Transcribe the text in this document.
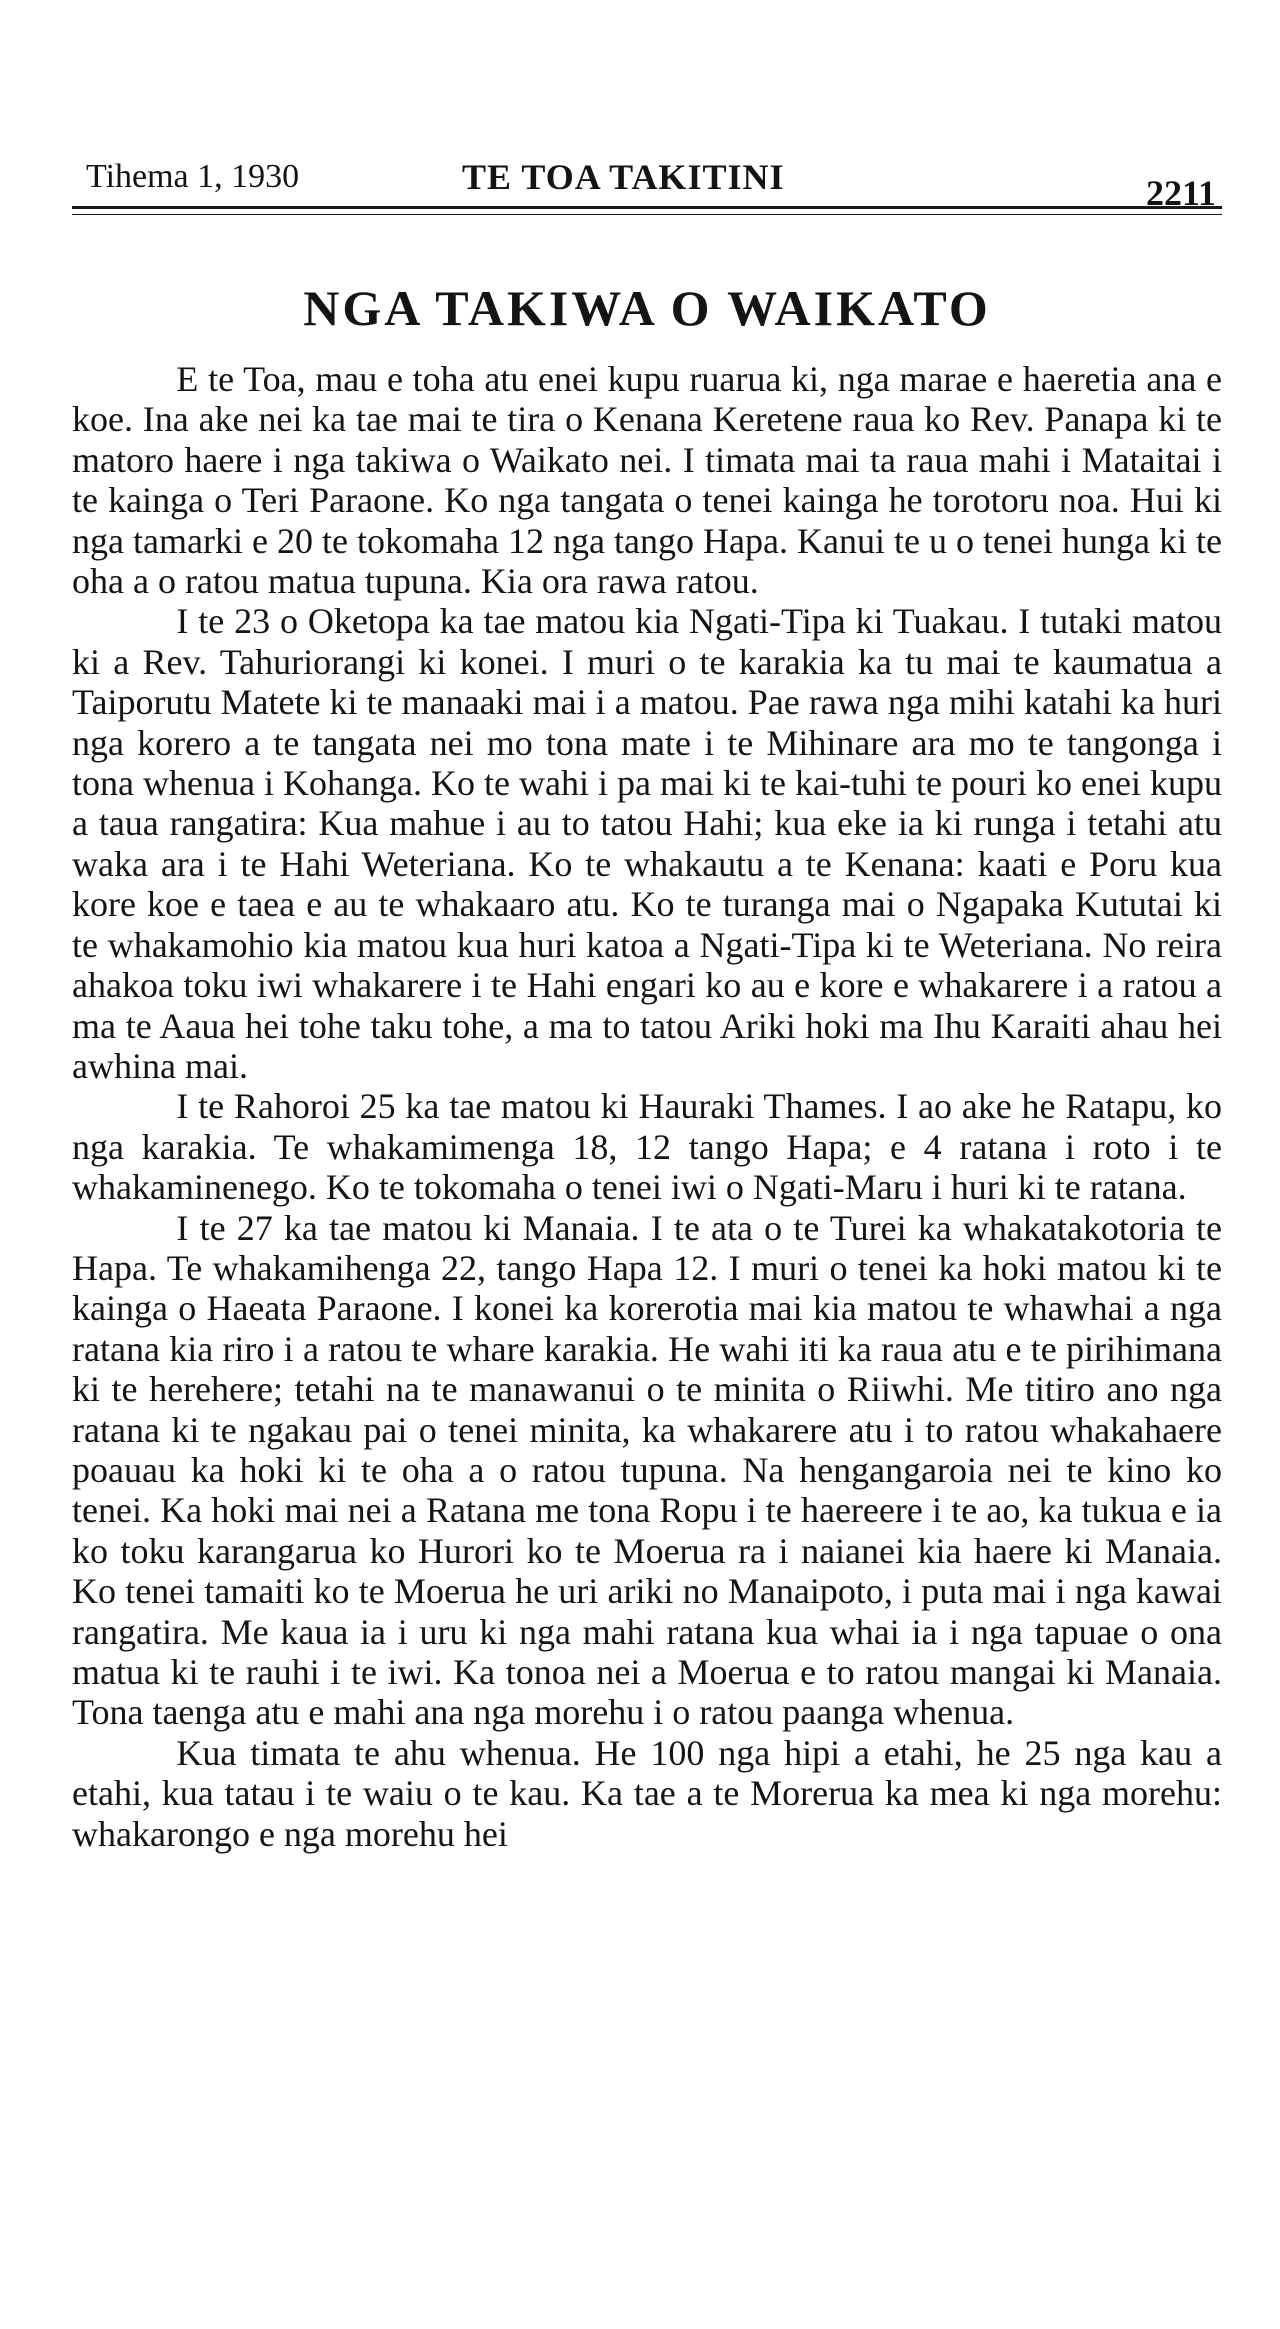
Tihema 1, 1930	TE TOA TAKITINI	2211
NGA TAKIWA O WAIKATO

E te Toa, mau e toha atu enei kupu ruarua ki, nga marae e haeretia ana e koe. Ina ake nei ka tae mai te tira o Kenana Keretene raua ko Rev. Panapa ki te matoro haere i nga takiwa o Waikato nei. I timata mai ta raua mahi i Mataitai i te kainga o Teri Paraone. Ko nga tangata o tenei kainga he torotoru noa. Hui ki nga tamarki e 20 te tokomaha 12 nga tango Hapa. Kanui te u o tenei hunga ki te oha a o ratou matua tupuna. Kia ora rawa ratou.

I te 23 o Oketopa ka tae matou kia Ngati-Tipa ki Tuakau. I tutaki matou ki a Rev. Tahuriorangi ki konei. I muri o te karakia ka tu mai te kaumatua a Taiporutu Matete ki te manaaki mai i a matou. Pae rawa nga mihi katahi ka huri nga korero a te tangata nei mo tona mate i te Mihinare ara mo te tangonga i tona whenua i Kohanga. Ko te wahi i pa mai ki te kai-tuhi te pouri ko enei kupu a taua rangatira: Kua mahue i au to tatou Hahi; kua eke ia ki runga i tetahi atu waka ara i te Hahi Weteriana. Ko te whakautu a te Kenana: kaati e Poru kua kore koe e taea e au te whakaaro atu. Ko te turanga mai o Ngapaka Kututai ki te whakamohio kia matou kua huri katoa a Ngati-Tipa ki te Weteriana. No reira ahakoa toku iwi whakarere i te Hahi engari ko au e kore e whakarere i a ratou a ma te Aaua hei tohe taku tohe, a ma to tatou Ariki hoki ma Ihu Karaiti ahau hei awhina mai.

I te Rahoroi 25 ka tae matou ki Hauraki Thames. I ao ake he Ratapu, ko nga karakia. Te whakamimenga 18, 12 tango Hapa; e 4 ratana i roto i te whakaminenego. Ko te tokomaha o tenei iwi o Ngati-Maru i huri ki te ratana.

I te 27 ka tae matou ki Manaia. I te ata o te Turei ka whakatakotoria te Hapa. Te whakamihenga 22, tango Hapa 12. I muri o tenei ka hoki matou ki te kainga o Haeata Paraone. I konei ka korerotia mai kia matou te whawhai a nga ratana kia riro i a ratou te whare karakia. He wahi iti ka raua atu e te pirihimana ki te herehere; tetahi na te manawanui o te minita o Riiwhi. Me titiro ano nga ratana ki te ngakau pai o tenei minita, ka whakarere atu i to ratou whakahaere poauau ka hoki ki te oha a o ratou tupuna. Na hengangaroia nei te kino ko tenei. Ka hoki mai nei a Ratana me tona Ropu i te haereere i te ao, ka tukua e ia ko toku karangarua ko Hurori ko te Moerua ra i naianei kia haere ki Manaia. Ko tenei tamaiti ko te Moerua he uri ariki no Manaipoto, i puta mai i nga kawai rangatira. Me kaua ia i uru ki nga mahi ratana kua whai ia i nga tapuae o ona matua ki te rauhi i te iwi. Ka tonoa nei a Moerua e to ratou mangai ki Manaia. Tona taenga atu e mahi ana nga morehu i o ratou paanga whenua.

Kua timata te ahu whenua. He 100 nga hipi a etahi, he 25 nga kau a etahi, kua tatau i te waiu o te kau. Ka tae a te Morerua ka mea ki nga morehu: whakarongo e nga morehu hei
